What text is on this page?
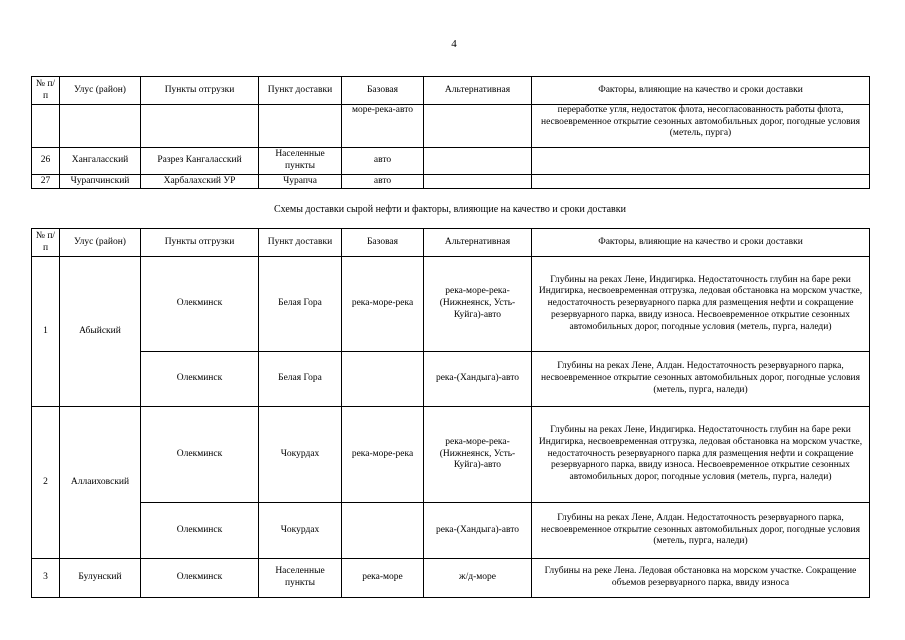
4
№ п/п	Улус (район)	Пункты отгрузки	Пункт доставки	Базовая	Альтернативная	Факторы, влияющие на качество и сроки доставки
				море-река-авто		переработке угля, недостаток флота, несогласованность работы флота, несвоевременное открытие сезонных автомобильных дорог, погодные условия (метель, пурга)
26	Хангаласский	Разрез Кангаласский	Населенные пункты	авто		
27	Чурапчинский	Харбалахский УР	Чурапча	авто		
Схемы доставки сырой нефти и факторы, влияющие на качество и сроки доставки
№ п/п	Улус (район)	Пункты отгрузки	Пункт доставки	Базовая	Альтернативная	Факторы, влияющие на качество и сроки доставки
1	Абыйский	Олекминск	Белая Гора	река-море-река	река-море-река-(Нижнеянск, Усть-Куйга)-авто	Глубины на реках Лене, Индигирка. Недостаточность глубин на баре реки Индигирка, несвоевременная отгрузка, ледовая обстановка на морском участке, недостаточность резервуарного парка для размещения нефти и сокращение резервуарного парка, ввиду износа. Несвоевременное открытие сезонных автомобильных дорог, погодные условия (метель, пурга, наледи)
		Олекминск	Белая Гора		река-(Хандыга)-авто	Глубины на реках Лене, Алдан. Недостаточность резервуарного парка, несвоевременное открытие сезонных автомобильных дорог, погодные условия (метель, пурга, наледи)
2	Аллаиховский	Олекминск	Чокурдах	река-море-река	река-море-река-(Нижнеянск, Усть-Куйга)-авто	Глубины на реках Лене, Индигирка. Недостаточность глубин на баре реки Индигирка, несвоевременная отгрузка, ледовая обстановка на морском участке, недостаточность резервуарного парка для размещения нефти и сокращение резервуарного парка, ввиду износа. Несвоевременное открытие сезонных автомобильных дорог, погодные условия (метель, пурга, наледи)
		Олекминск	Чокурдах		река-(Хандыга)-авто	Глубины на реках Лене, Алдан. Недостаточность резервуарного парка, несвоевременное открытие сезонных автомобильных дорог, погодные условия (метель, пурга, наледи)
3	Булунский	Олекминск	Населенные пункты	река-море	ж/д-море	Глубины на реке Лена. Ледовая обстановка на морском участке. Сокращение объемов резервуарного парка, ввиду износа
